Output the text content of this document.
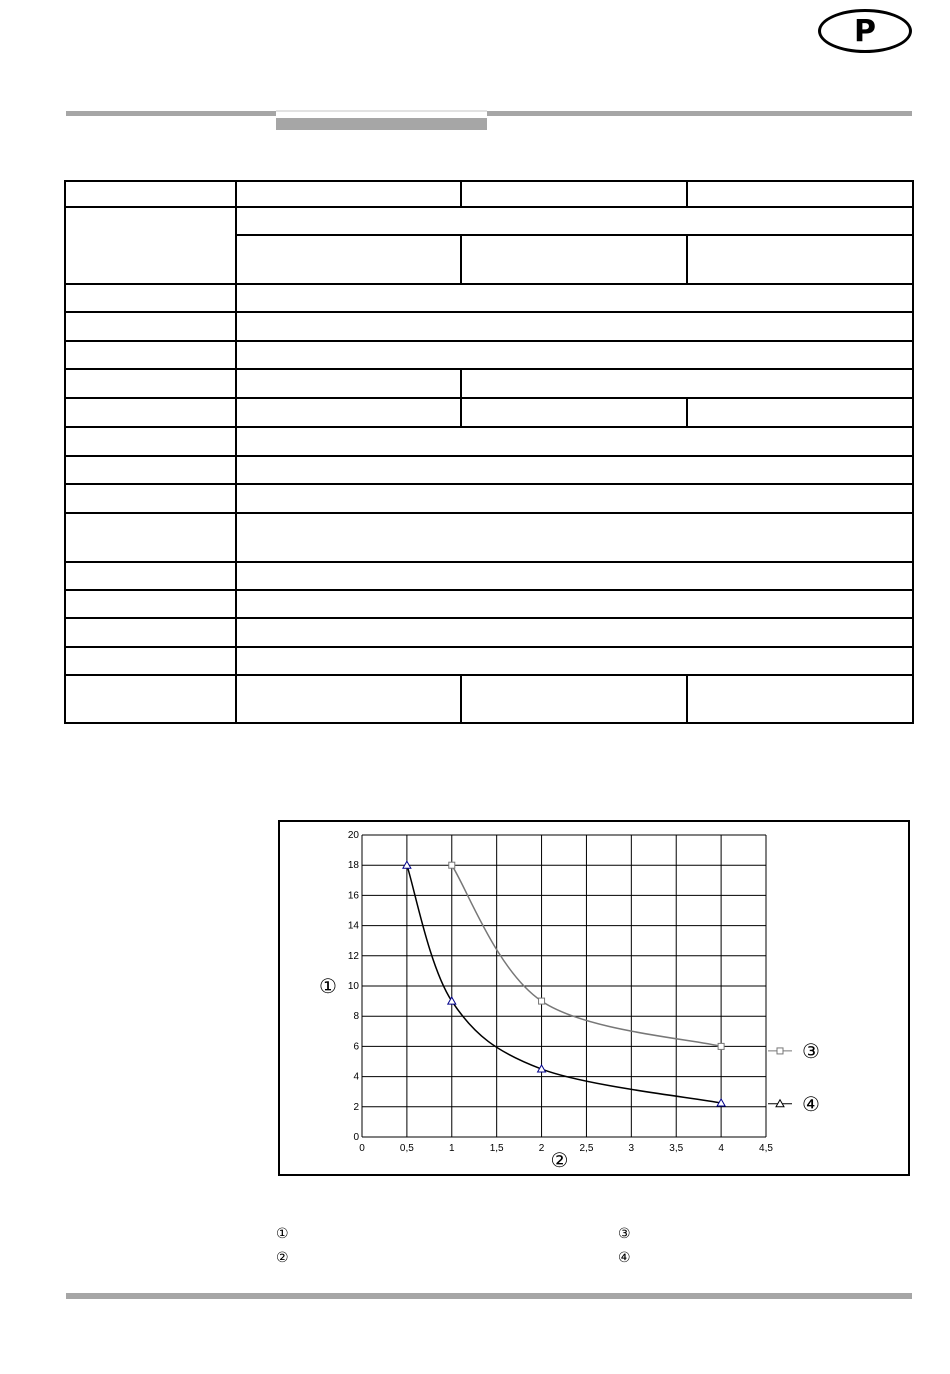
P

0	0,5	1	1,5	2	2,5	3	3,5	4	4,5
0
2
4
6
8
10
12
14
16
18
20
③
④
①
②
①
②
③
④
